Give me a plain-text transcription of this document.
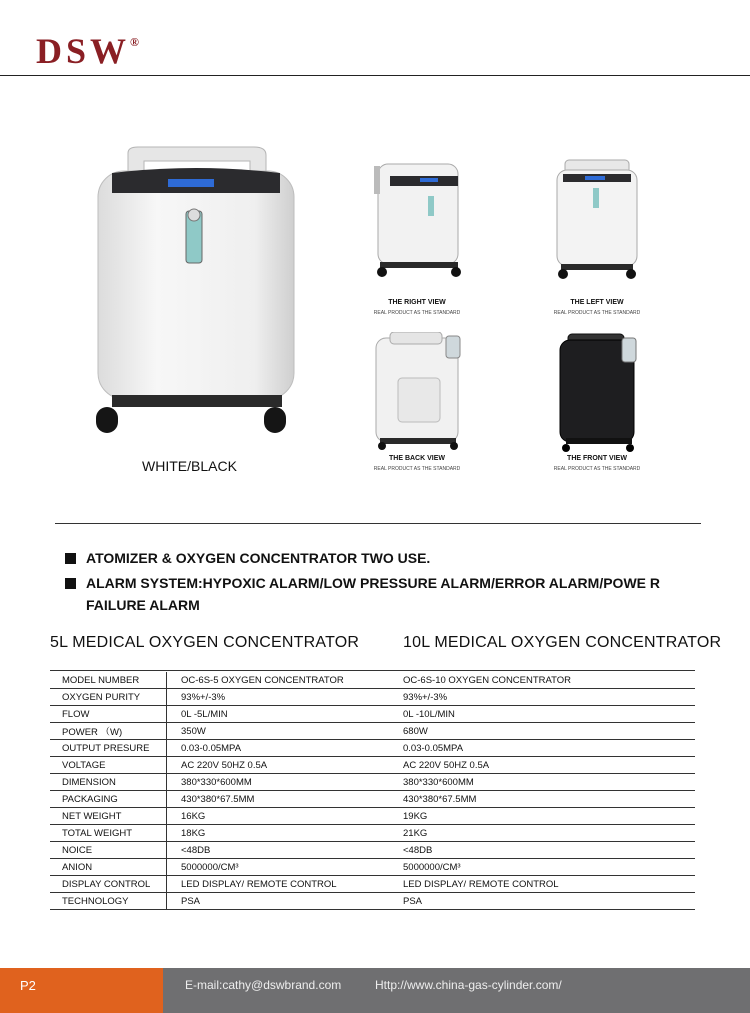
DSW®
WHITE/BLACK
THE RIGHT VIEW
REAL PRODUCT AS THE STANDARD
THE LEFT VIEW
REAL PRODUCT AS THE STANDARD
THE BACK VIEW
REAL PRODUCT AS THE STANDARD
THE FRONT VIEW
REAL PRODUCT AS THE STANDARD
ATOMIZER & OXYGEN CONCENTRATOR TWO USE.
ALARM SYSTEM:HYPOXIC ALARM/LOW PRESSURE ALARM/ERROR ALARM/POWE R FAILURE ALARM
5L MEDICAL OXYGEN CONCENTRATOR	10L MEDICAL OXYGEN CONCENTRATOR
MODEL NUMBER	OC-6S-5 OXYGEN CONCENTRATOR	OC-6S-10 OXYGEN CONCENTRATOR
OXYGEN PURITY	93%+/-3%	93%+/-3%
FLOW	0L -5L/MIN	0L -10L/MIN
POWER （W)	350W	680W
OUTPUT PRESURE	0.03-0.05MPA	0.03-0.05MPA
VOLTAGE	AC 220V 50HZ 0.5A	AC 220V 50HZ 0.5A
DIMENSION	380*330*600MM	380*330*600MM
PACKAGING	430*380*67.5MM	430*380*67.5MM
NET WEIGHT	16KG	19KG
TOTAL WEIGHT	18KG	21KG
NOICE	<48DB	<48DB
ANION	5000000/CM³	5000000/CM³
DISPLAY CONTROL	LED DISPLAY/ REMOTE CONTROL	LED DISPLAY/ REMOTE CONTROL
TECHNOLOGY	PSA	PSA
P2	E-mail:cathy@dswbrand.com	Http://www.china-gas-cylinder.com/
